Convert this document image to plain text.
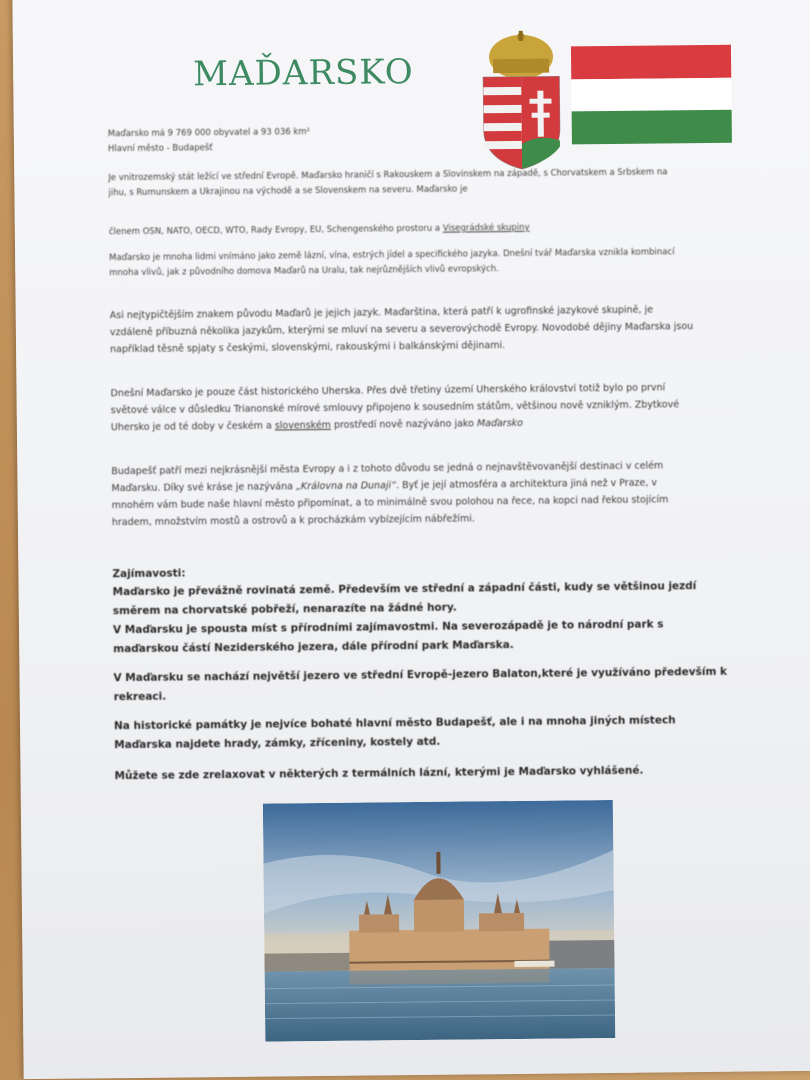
MAĎARSKO

Maďarsko má 9 769 000 obyvatel a 93 036 km²

Hlavní město - Budapešť

Je vnitrozemský stát ležící ve střední Evropě. Maďarsko hraničí s Rakouskem a Slovinskem na západě, s Chorvatskem a Srbskem na jihu, s Rumunskem a Ukrajinou na východě a se Slovenskem na severu. Maďarsko je

členem OSN, NATO, OECD, WTO, Rady Evropy, EU, Schengenského prostoru a Visegrádské skupiny

Maďarsko je mnoha lidmi vnímáno jako země lázní, vína, estrých jídel a specifického jazyka. Dnešní tvář Maďarska vznikla kombinací mnoha vlivů, jak z původního domova Maďarů na Uralu, tak nejrůznějších vlivů evropských.

Asi nejtypičtějším znakem původu Maďarů je jejich jazyk. Maďarština, která patří k ugrofinské jazykové skupině, je vzdáleně příbuzná několika jazykům, kterými se mluví na severu a severovýchodě Evropy. Novodobé dějiny Maďarska jsou například těsně spjaty s českými, slovenskými, rakouskými i balkánskými dějinami.

Dnešní Maďarsko je pouze část historického Uherska. Přes dvě třetiny území Uherského království totiž bylo po první světové válce v důsledku Trianonské mírové smlouvy připojeno k sousedním státům, většinou nově vzniklým. Zbytkové Uhersko je od té doby v českém a slovenském prostředí nově nazýváno jako Maďarsko

Budapešť patří mezi nejkrásnější města Evropy a i z tohoto důvodu se jedná o nejnavštěvovanější destinaci v celém Maďarsku. Díky své kráse je nazývána „Královna na Dunaji“. Byť je její atmosféra a architektura jiná než v Praze, v mnohém vám bude naše hlavní město připomínat, a to minimálně svou polohou na řece, na kopci nad řekou stojícím hradem, množstvím mostů a ostrovů a k procházkám vybízejícím nábřežími.

Zajímavosti:

Maďarsko je převážně rovinatá země. Především ve střední a západní části, kudy se většinou jezdí směrem na chorvatské pobřeží, nenarazíte na žádné hory.

V Maďarsku je spousta míst s přírodními zajímavostmi. Na severozápadě je to národní park s maďarskou částí Neziderského jezera, dále přírodní park Maďarska.

V Maďarsku se nachází největší jezero ve střední Evropě-jezero Balaton,které je využíváno především k rekreaci.

Na historické památky je nejvíce bohaté hlavní město Budapešť, ale i na mnoha jiných místech Maďarska najdete hrady, zámky, zříceniny, kostely atd.

Můžete se zde zrelaxovat v některých z termálních lázní, kterými je Maďarsko vyhlášené.
